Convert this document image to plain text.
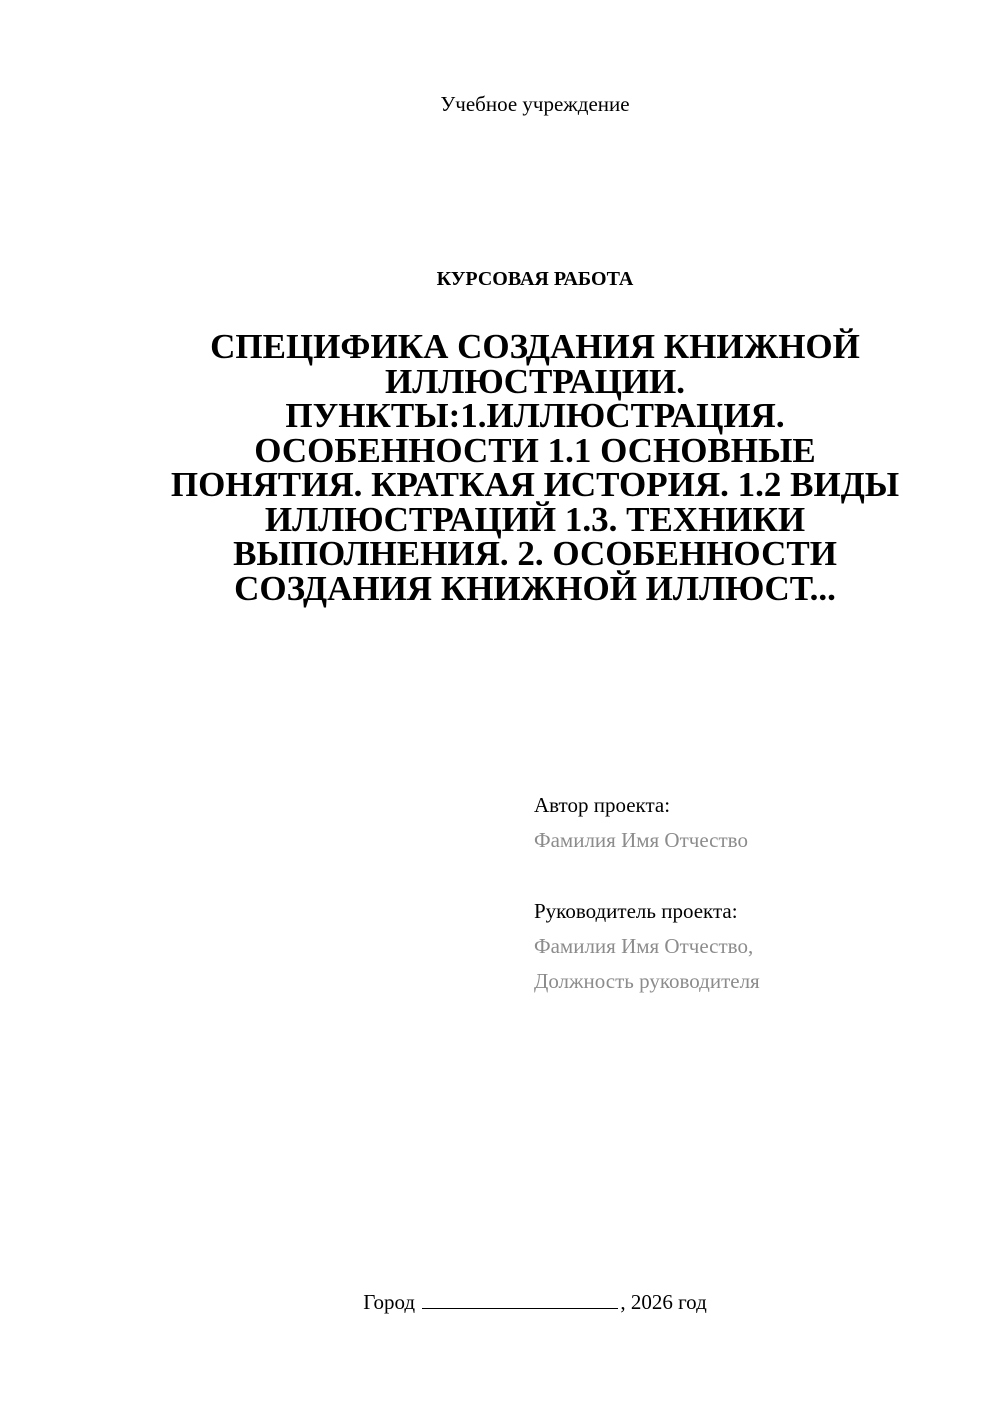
Учебное учреждение
КУРСОВАЯ РАБОТА
СПЕЦИФИКА СОЗДАНИЯ КНИЖНОЙ ИЛЛЮСТРАЦИИ. ПУНКТЫ:1.ИЛЛЮСТРАЦИЯ. ОСОБЕННОСТИ 1.1 ОСНОВНЫЕ ПОНЯТИЯ. КРАТКАЯ ИСТОРИЯ. 1.2 ВИДЫ ИЛЛЮСТРАЦИЙ 1.3. ТЕХНИКИ ВЫПОЛНЕНИЯ. 2. ОСОБЕННОСТИ СОЗДАНИЯ КНИЖНОЙ ИЛЛЮСТ...
Автор проекта:
Фамилия Имя Отчество
Руководитель проекта:
Фамилия Имя Отчество,
Должность руководителя
Город	, 2026 год
